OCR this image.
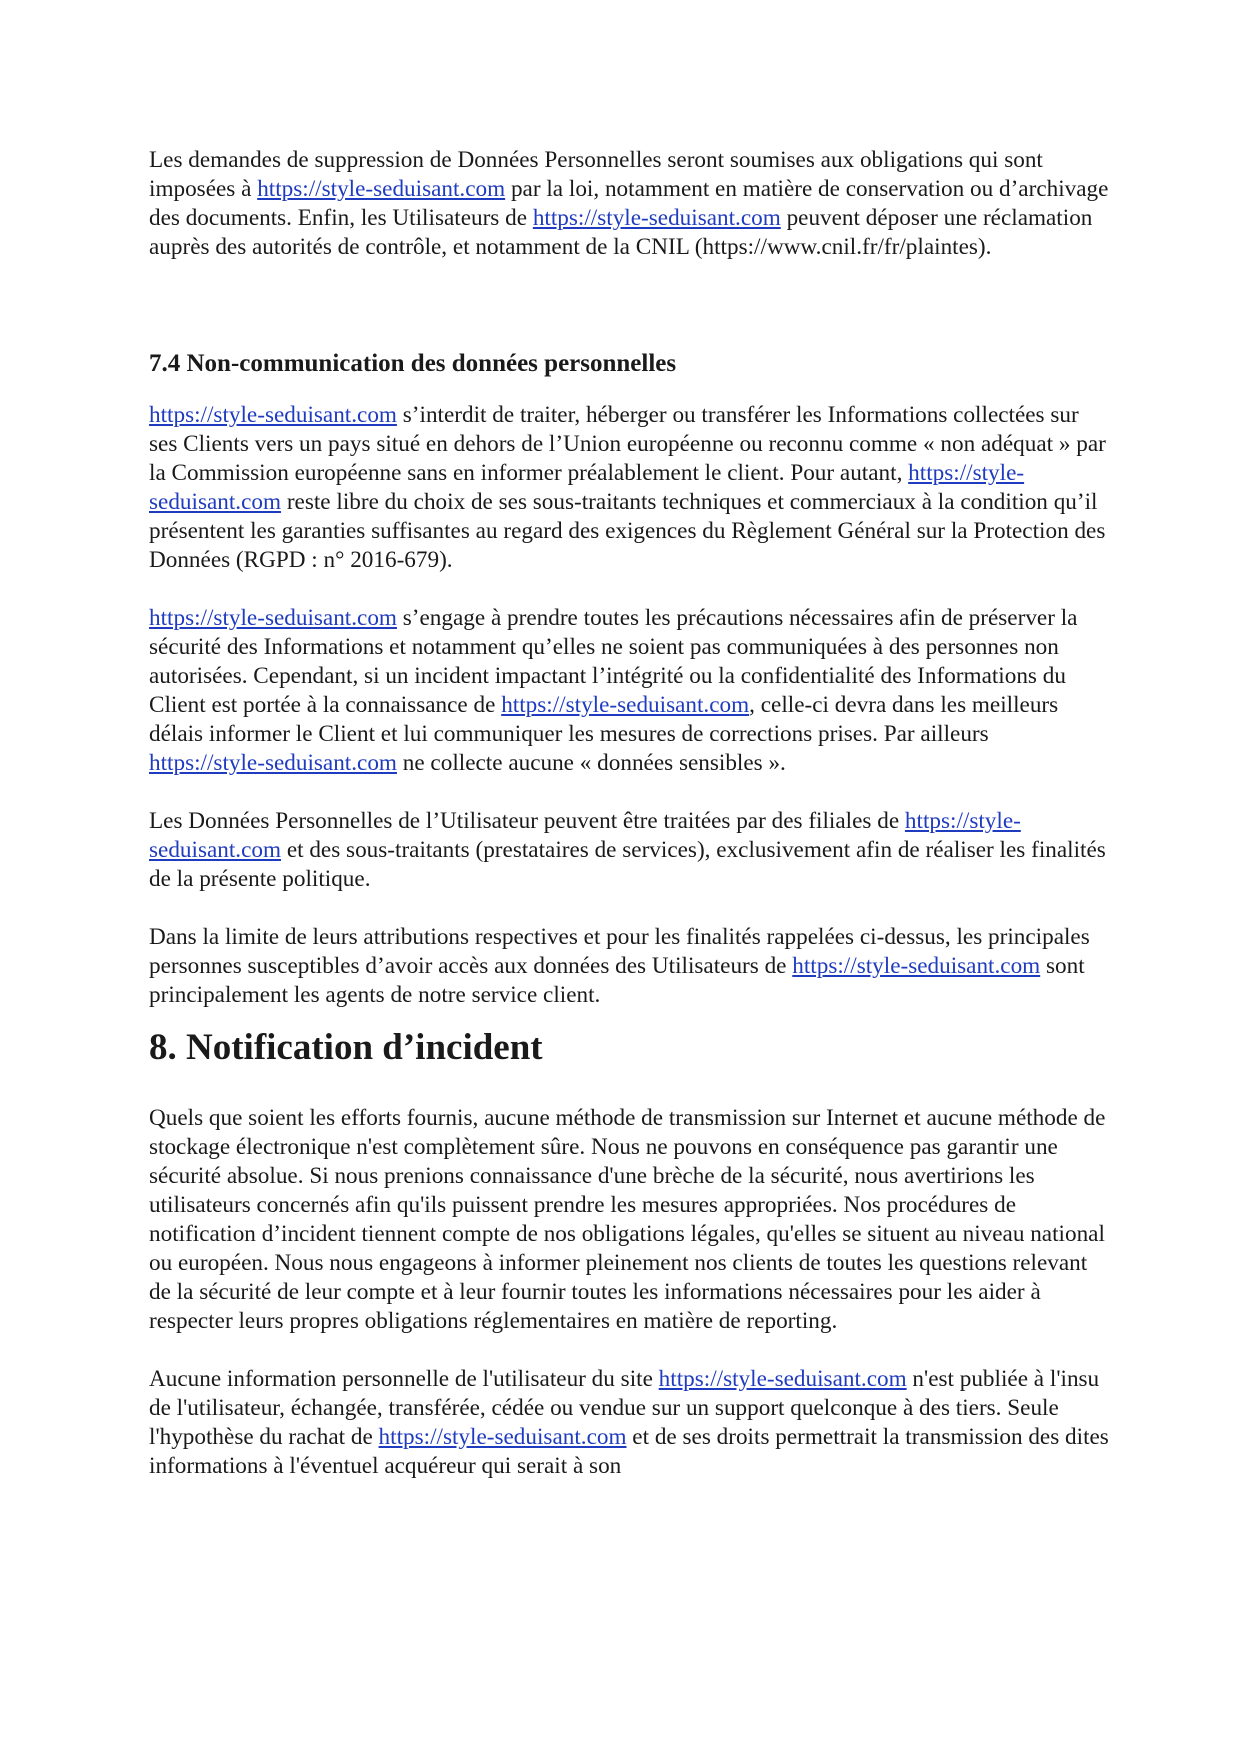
Les demandes de suppression de Données Personnelles seront soumises aux obligations qui sont imposées à https://style-seduisant.com par la loi, notamment en matière de conservation ou d’archivage des documents. Enfin, les Utilisateurs de https://style-seduisant.com peuvent déposer une réclamation auprès des autorités de contrôle, et notamment de la CNIL (https://www.cnil.fr/fr/plaintes).

7.4 Non-communication des données personnelles

https://style-seduisant.com s’interdit de traiter, héberger ou transférer les Informations collectées sur ses Clients vers un pays situé en dehors de l’Union européenne ou reconnu comme « non adéquat » par la Commission européenne sans en informer préalablement le client. Pour autant, https://style-seduisant.com reste libre du choix de ses sous-traitants techniques et commerciaux à la condition qu’il présentent les garanties suffisantes au regard des exigences du Règlement Général sur la Protection des Données (RGPD : n° 2016-679).

https://style-seduisant.com s’engage à prendre toutes les précautions nécessaires afin de préserver la sécurité des Informations et notamment qu’elles ne soient pas communiquées à des personnes non autorisées. Cependant, si un incident impactant l’intégrité ou la confidentialité des Informations du Client est portée à la connaissance de https://style-seduisant.com, celle-ci devra dans les meilleurs délais informer le Client et lui communiquer les mesures de corrections prises. Par ailleurs https://style-seduisant.com ne collecte aucune « données sensibles ».

Les Données Personnelles de l’Utilisateur peuvent être traitées par des filiales de https://style-seduisant.com et des sous-traitants (prestataires de services), exclusivement afin de réaliser les finalités de la présente politique.

Dans la limite de leurs attributions respectives et pour les finalités rappelées ci-dessus, les principales personnes susceptibles d’avoir accès aux données des Utilisateurs de https://style-seduisant.com sont principalement les agents de notre service client.

8. Notification d’incident

Quels que soient les efforts fournis, aucune méthode de transmission sur Internet et aucune méthode de stockage électronique n'est complètement sûre. Nous ne pouvons en conséquence pas garantir une sécurité absolue. Si nous prenions connaissance d'une brèche de la sécurité, nous avertirions les utilisateurs concernés afin qu'ils puissent prendre les mesures appropriées. Nos procédures de notification d’incident tiennent compte de nos obligations légales, qu'elles se situent au niveau national ou européen. Nous nous engageons à informer pleinement nos clients de toutes les questions relevant de la sécurité de leur compte et à leur fournir toutes les informations nécessaires pour les aider à respecter leurs propres obligations réglementaires en matière de reporting.

Aucune information personnelle de l'utilisateur du site https://style-seduisant.com n'est publiée à l'insu de l'utilisateur, échangée, transférée, cédée ou vendue sur un support quelconque à des tiers. Seule l'hypothèse du rachat de https://style-seduisant.com et de ses droits permettrait la transmission des dites informations à l'éventuel acquéreur qui serait à son
